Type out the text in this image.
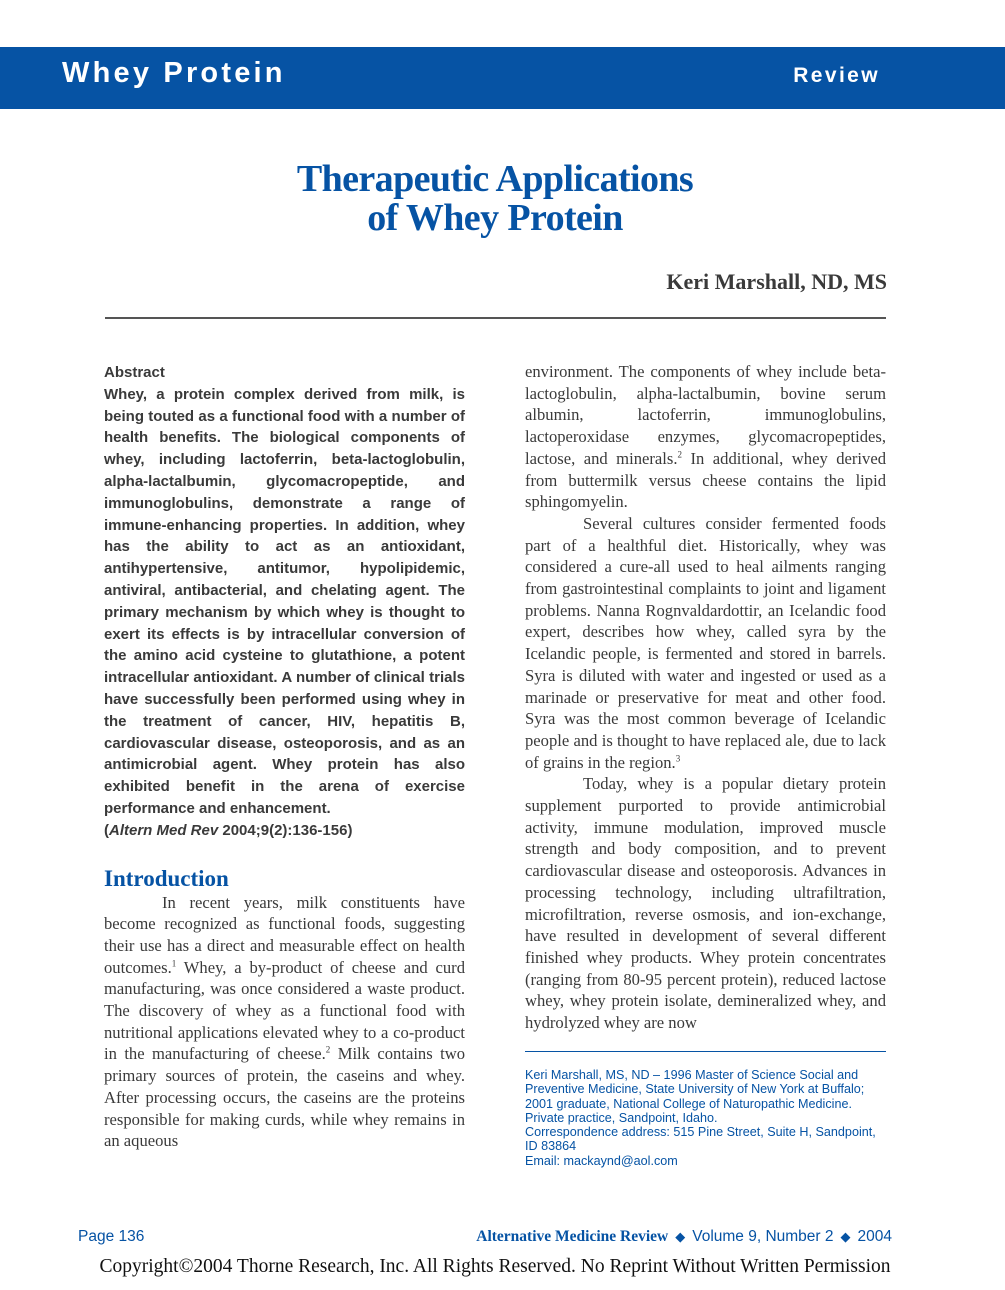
Whey Protein	Review
Therapeutic Applications
of Whey Protein
Keri Marshall, ND, MS
Abstract

Whey, a protein complex derived from milk, is being touted as a functional food with a number of health benefits. The biological components of whey, including lactoferrin, beta-lactoglobulin, alpha-lactalbumin, glycomacropeptide, and immunoglobulins, demonstrate a range of immune-enhancing properties. In addition, whey has the ability to act as an antioxidant, antihypertensive, antitumor, hypolipidemic, antiviral, antibacterial, and chelating agent. The primary mechanism by which whey is thought to exert its effects is by intracellular conversion of the amino acid cysteine to glutathione, a potent intracellular antioxidant. A number of clinical trials have successfully been performed using whey in the treatment of cancer, HIV, hepatitis B, cardiovascular disease, osteoporosis, and as an antimicrobial agent. Whey protein has also exhibited benefit in the arena of exercise performance and enhancement.

(Altern Med Rev 2004;9(2):136-156)

Introduction

In recent years, milk constituents have become recognized as functional foods, suggesting their use has a direct and measurable effect on health outcomes.$^1$ Whey, a by-product of cheese and curd manufacturing, was once considered a waste product. The discovery of whey as a functional food with nutritional applications elevated whey to a co-product in the manufacturing of cheese.$^2$ Milk contains two primary sources of protein, the caseins and whey. After processing occurs, the caseins are the proteins responsible for making curds, while whey remains in an aqueous

environment. The components of whey include beta-lactoglobulin, alpha-lactalbumin, bovine serum albumin, lactoferrin, immunoglobulins, lactoperoxidase enzymes, glycomacropeptides, lactose, and minerals.$^2$ In additional, whey derived from buttermilk versus cheese contains the lipid sphingomyelin.

Several cultures consider fermented foods part of a healthful diet. Historically, whey was considered a cure-all used to heal ailments ranging from gastrointestinal complaints to joint and ligament problems. Nanna Rognvaldardottir, an Icelandic food expert, describes how whey, called syra by the Icelandic people, is fermented and stored in barrels. Syra is diluted with water and ingested or used as a marinade or preservative for meat and other food. Syra was the most common beverage of Icelandic people and is thought to have replaced ale, due to lack of grains in the region.$^3$

Today, whey is a popular dietary protein supplement purported to provide antimicrobial activity, immune modulation, improved muscle strength and body composition, and to prevent cardiovascular disease and osteoporosis. Advances in processing technology, including ultrafiltration, microfiltration, reverse osmosis, and ion-exchange, have resulted in development of several different finished whey products. Whey protein concentrates (ranging from 80-95 percent protein), reduced lactose whey, whey protein isolate, demineralized whey, and hydrolyzed whey are now

Keri Marshall, MS, ND – 1996 Master of Science Social and Preventive Medicine, State University of New York at Buffalo; 2001 graduate, National College of Naturopathic Medicine. Private practice, Sandpoint, Idaho.
Correspondence address: 515 Pine Street, Suite H, Sandpoint, ID 83864
Email: mackaynd@aol.com
Page 136	Alternative Medicine Review ◆ Volume 9, Number 2 ◆ 2004
Copyright©2004 Thorne Research, Inc. All Rights Reserved. No Reprint Without Written Permission
